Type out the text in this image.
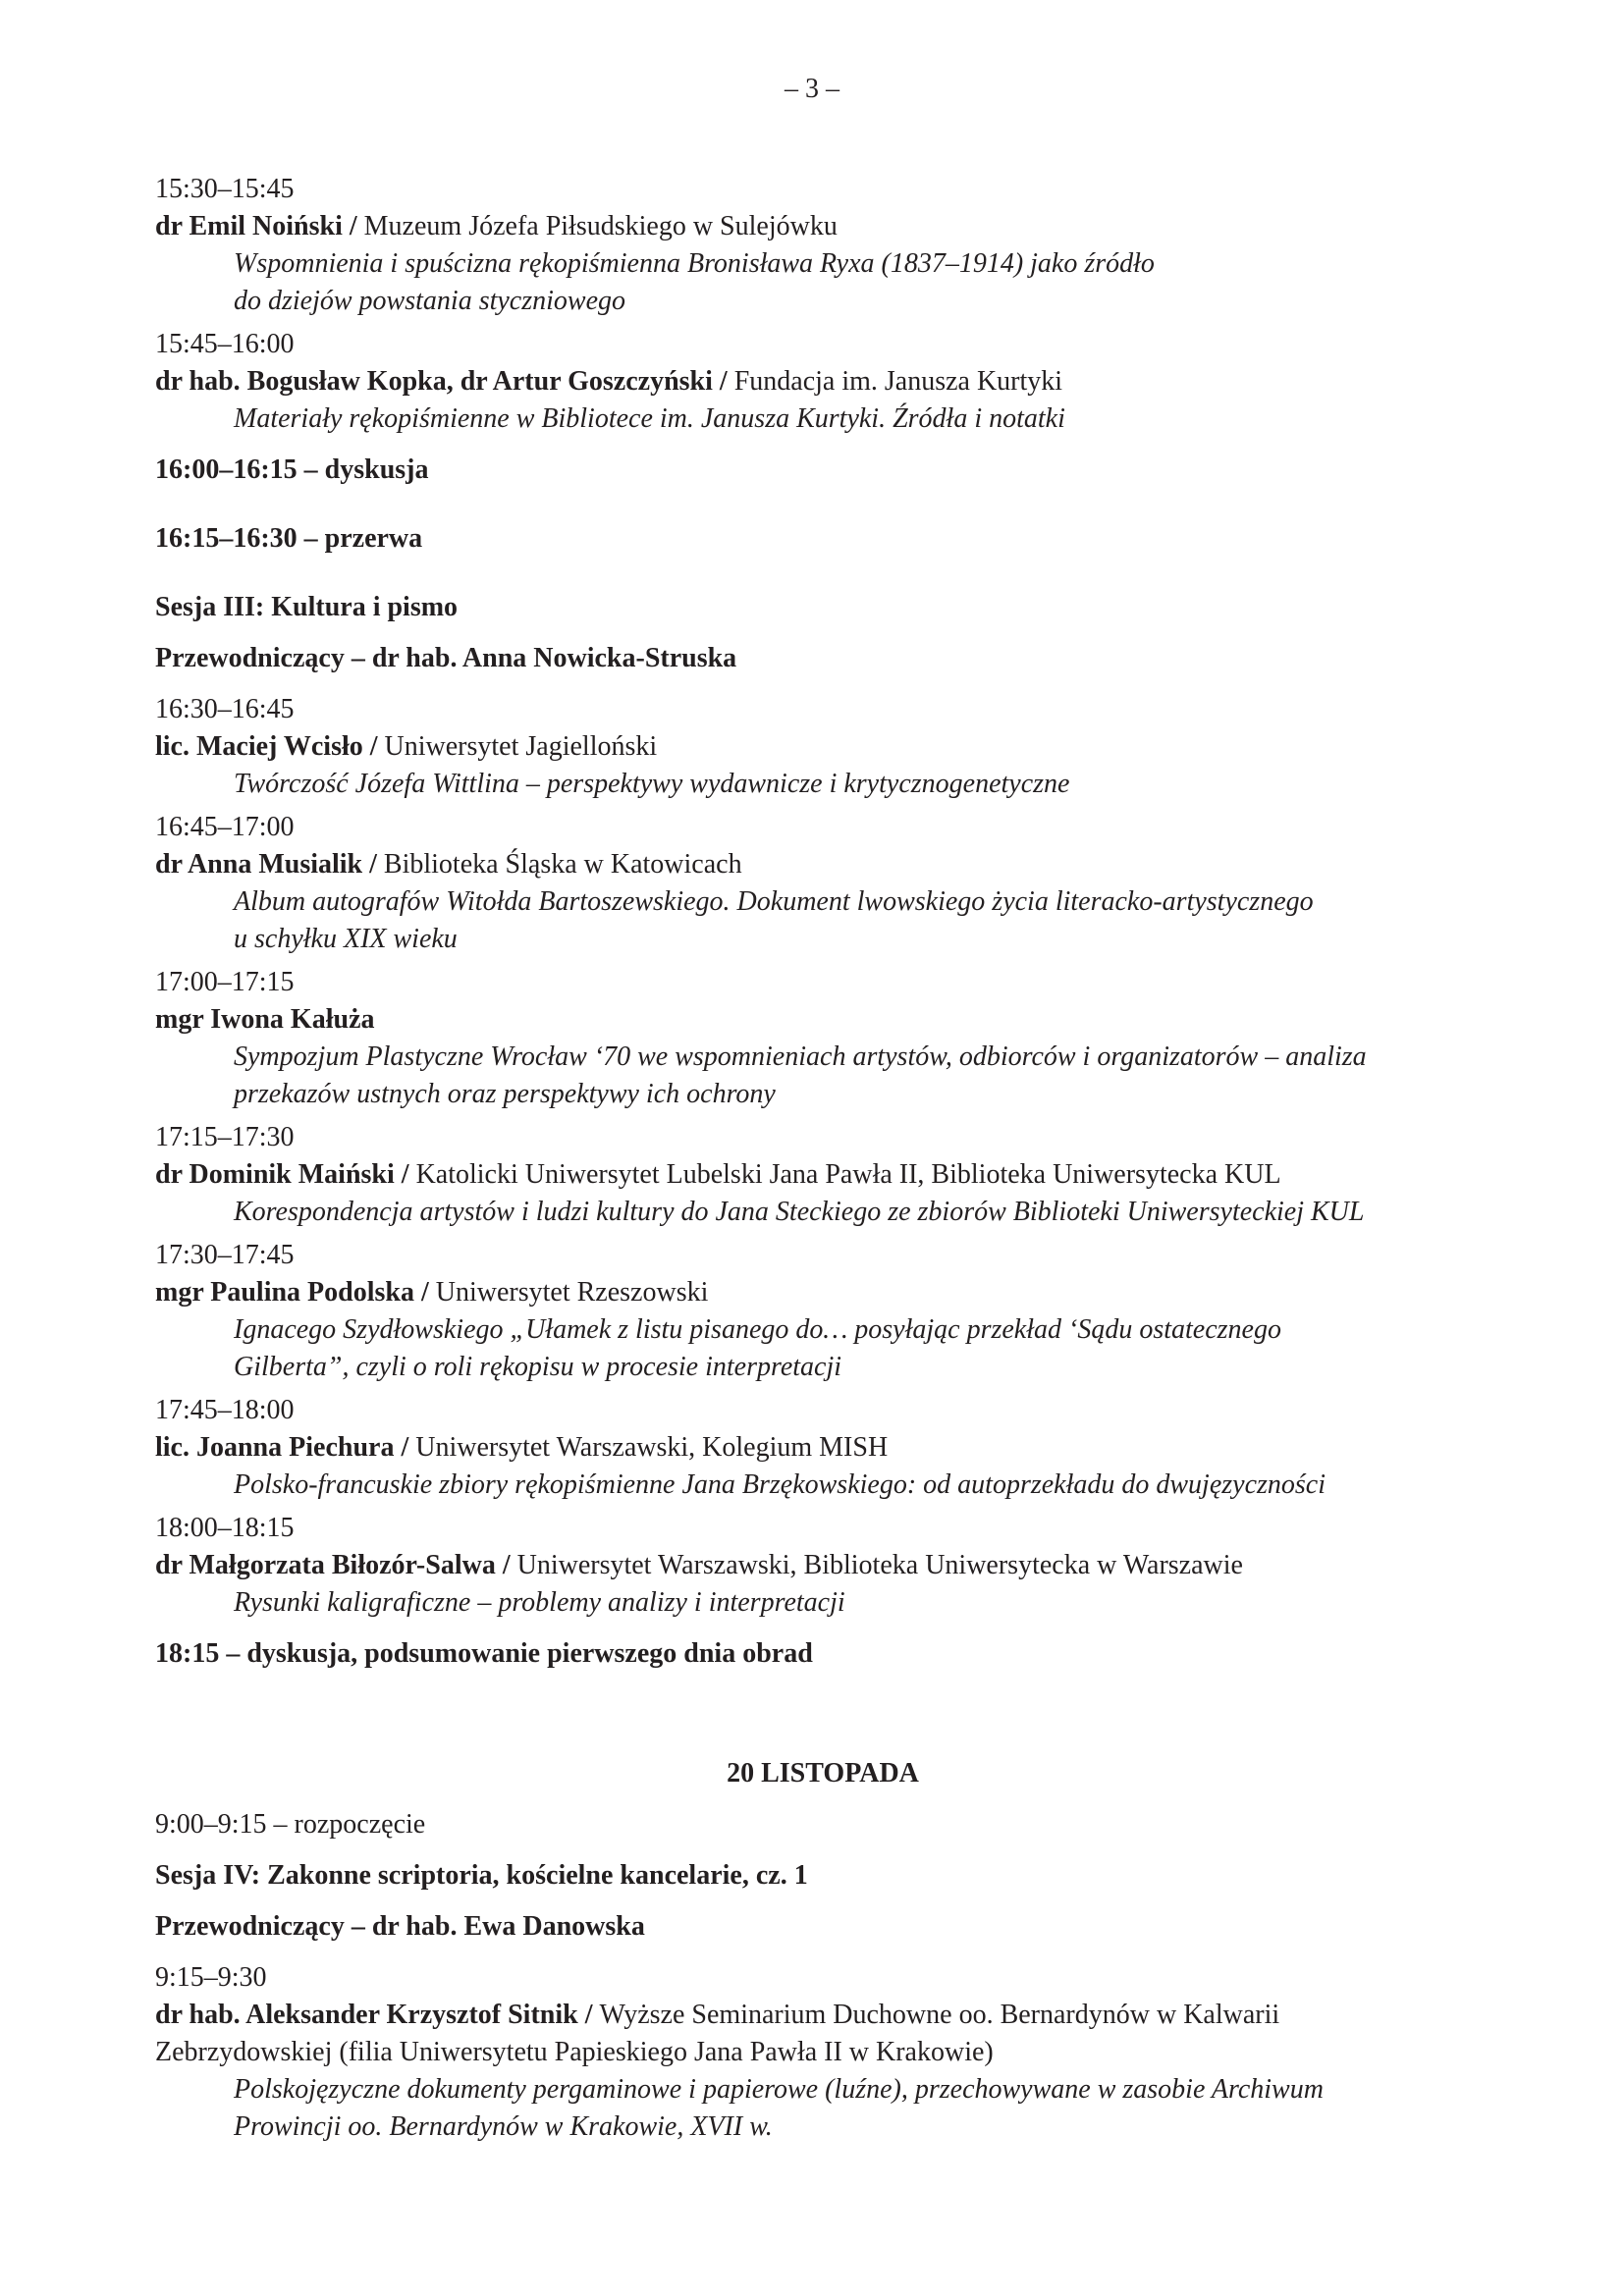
– 3 –
15:30–15:45
dr Emil Noiński / Muzeum Józefa Piłsudskiego w Sulejówku
Wspomnienia i spuścizna rękopiśmienna Bronisława Ryxa (1837–1914) jako źródło
do dziejów powstania styczniowego
15:45–16:00
dr hab. Bogusław Kopka, dr Artur Goszczyński / Fundacja im. Janusza Kurtyki
Materiały rękopiśmienne w Bibliotece im. Janusza Kurtyki. Źródła i notatki
16:00–16:15 – dyskusja
16:15–16:30 – przerwa
Sesja III: Kultura i pismo
Przewodniczący – dr hab. Anna Nowicka-Struska
16:30–16:45
lic. Maciej Wcisło / Uniwersytet Jagielloński
Twórczość Józefa Wittlina – perspektywy wydawnicze i krytycznogenetyczne
16:45–17:00
dr Anna Musialik / Biblioteka Śląska w Katowicach
Album autografów Witołda Bartoszewskiego. Dokument lwowskiego życia literacko-artystycznego
u schyłku XIX wieku
17:00–17:15
mgr Iwona Kałuża
Sympozjum Plastyczne Wrocław ‘70 we wspomnieniach artystów, odbiorców i organizatorów – analiza
przekazów ustnych oraz perspektywy ich ochrony
17:15–17:30
dr Dominik Maiński / Katolicki Uniwersytet Lubelski Jana Pawła II, Biblioteka Uniwersytecka KUL
Korespondencja artystów i ludzi kultury do Jana Steckiego ze zbiorów Biblioteki Uniwersyteckiej KUL
17:30–17:45
mgr Paulina Podolska / Uniwersytet Rzeszowski
Ignacego Szydłowskiego „Ułamek z listu pisanego do… posyłając przekład ‘Sądu ostatecznego
Gilberta”, czyli o roli rękopisu w procesie interpretacji
17:45–18:00
lic. Joanna Piechura / Uniwersytet Warszawski, Kolegium MISH
Polsko-francuskie zbiory rękopiśmienne Jana Brzękowskiego: od autoprzekładu do dwujęzyczności
18:00–18:15
dr Małgorzata Biłozór-Salwa / Uniwersytet Warszawski, Biblioteka Uniwersytecka w Warszawie
Rysunki kaligraficzne – problemy analizy i interpretacji
18:15 – dyskusja, podsumowanie pierwszego dnia obrad
20 LISTOPADA
9:00–9:15 – rozpoczęcie
Sesja IV: Zakonne scriptoria, kościelne kancelarie, cz. 1
Przewodniczący – dr hab. Ewa Danowska
9:15–9:30
dr hab. Aleksander Krzysztof Sitnik / Wyższe Seminarium Duchowne oo. Bernardynów w Kalwarii
Zebrzydowskiej (filia Uniwersytetu Papieskiego Jana Pawła II w Krakowie)
Polskojęzyczne dokumenty pergaminowe i papierowe (luźne), przechowywane w zasobie Archiwum
Prowincji oo. Bernardynów w Krakowie, XVII w.
